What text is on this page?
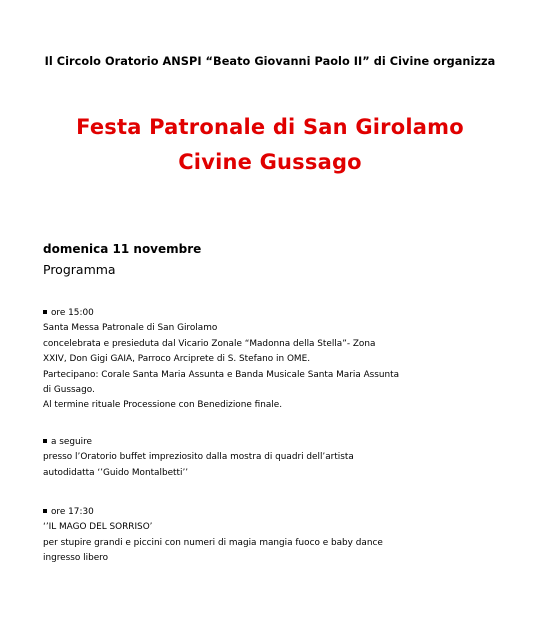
Il Circolo Oratorio ANSPI “Beato Giovanni Paolo II” di Civine organizza
Festa Patronale di San Girolamo
Civine Gussago
domenica 11 novembre
Programma
ore 15:00
Santa Messa Patronale di San Girolamo
concelebrata e presieduta dal Vicario Zonale “Madonna della Stella”- Zona
XXIV, Don Gigi GAIA, Parroco Arciprete di S. Stefano in OME.
Partecipano: Corale Santa Maria Assunta e Banda Musicale Santa Maria Assunta
di Gussago.
Al termine rituale Processione con Benedizione finale.
a seguire
presso l’Oratorio buffet impreziosito dalla mostra di quadri dell’artista
autodidatta ‘’Guido Montalbetti’’
ore 17:30
‘’IL MAGO DEL SORRISO’
per stupire grandi e piccini con numeri di magia mangia fuoco e baby dance
ingresso libero
